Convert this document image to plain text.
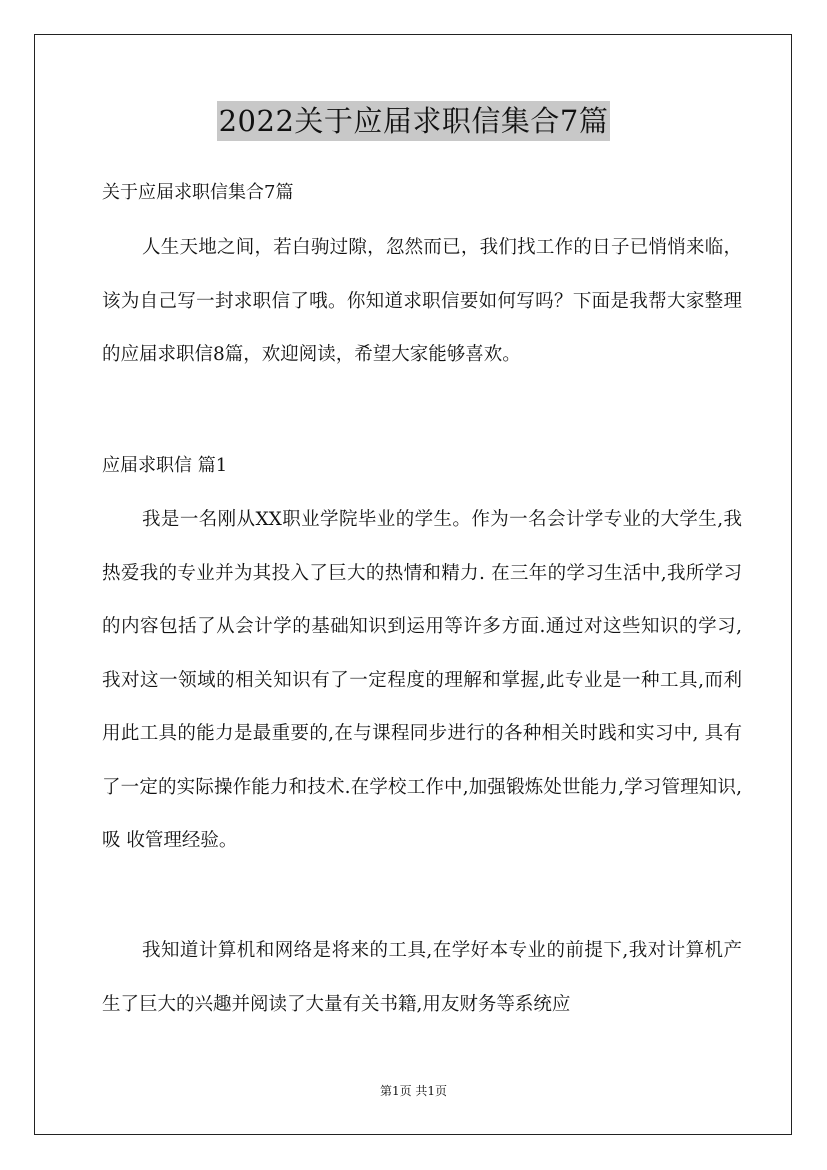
2022关于应届求职信集合7篇
关于应届求职信集合7篇

人生天地之间，若白驹过隙，忽然而已，我们找工作的日子已悄悄来临，该为自己写一封求职信了哦。你知道求职信要如何写吗？下面是我帮大家整理的应届求职信8篇，欢迎阅读，希望大家能够喜欢。

应届求职信 篇1

我是一名刚从XX职业学院毕业的学生。作为一名会计学专业的大学生,我热爱我的专业并为其投入了巨大的热情和精力. 在三年的学习生活中,我所学习的内容包括了从会计学的基础知识到运用等许多方面.通过对这些知识的学习,我对这一领域的相关知识有了一定程度的理解和掌握,此专业是一种工具,而利用此工具的能力是最重要的,在与课程同步进行的各种相关时践和实习中, 具有了一定的实际操作能力和技术.在学校工作中,加强锻炼处世能力,学习管理知识,吸 收管理经验。

我知道计算机和网络是将来的工具,在学好本专业的前提下,我对计算机产生了巨大的兴趣并阅读了大量有关书籍,用友财务等系统应

第1页 共1页
